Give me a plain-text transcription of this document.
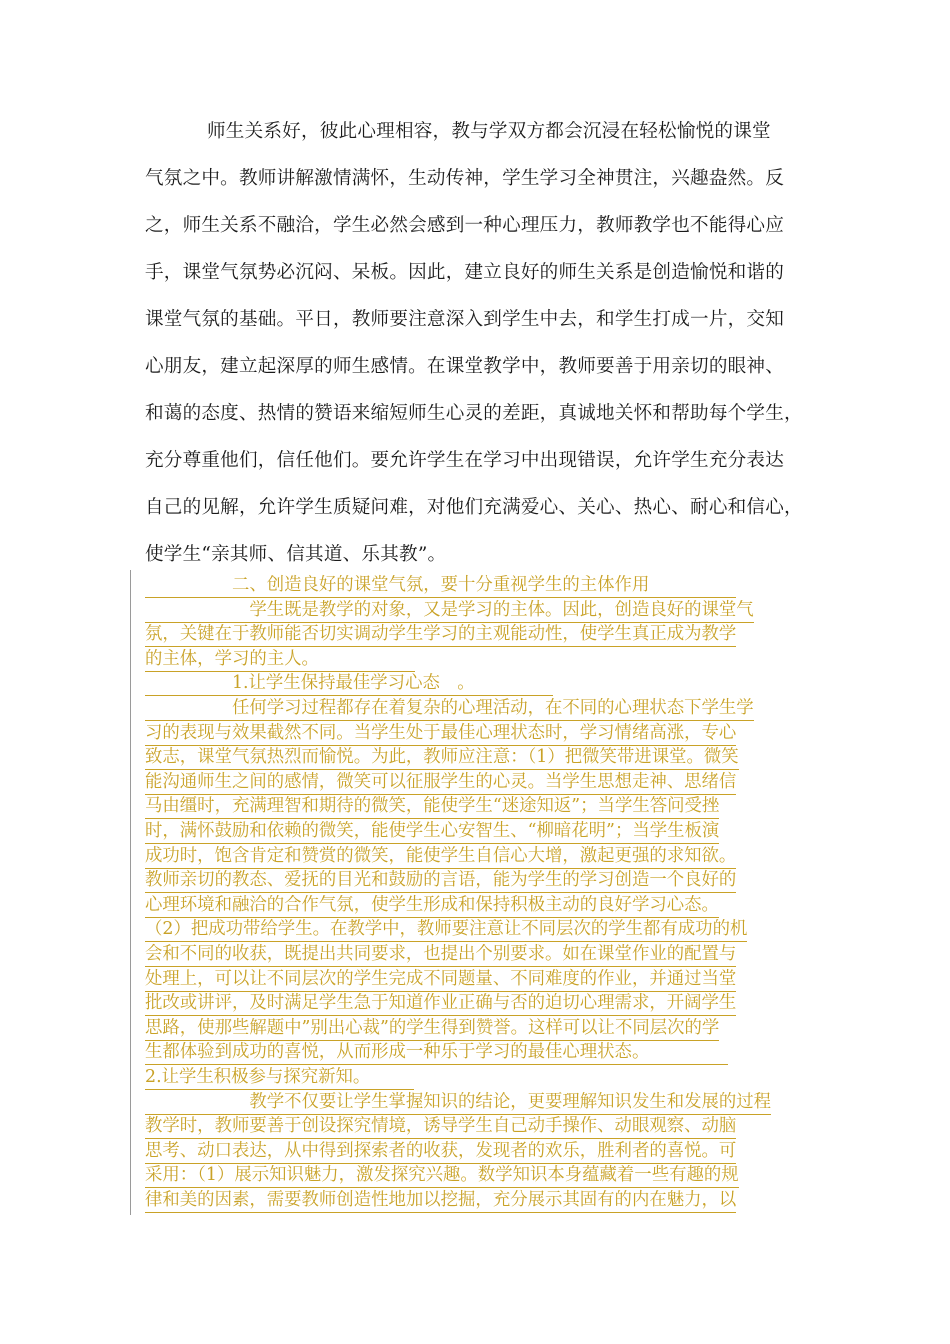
师生关系好，彼此心理相容，教与学双方都会沉浸在轻松愉悦的课堂
气氛之中。教师讲解激情满怀，生动传神，学生学习全神贯注，兴趣盎然。反
之，师生关系不融洽，学生必然会感到一种心理压力，教师教学也不能得心应
手，课堂气氛势必沉闷、呆板。因此，建立良好的师生关系是创造愉悦和谐的
课堂气氛的基础。平日，教师要注意深入到学生中去，和学生打成一片，交知
心朋友，建立起深厚的师生感情。在课堂教学中，教师要善于用亲切的眼神、
和蔼的态度、热情的赞语来缩短师生心灵的差距，真诚地关怀和帮助每个学生，
充分尊重他们，信任他们。要允许学生在学习中出现错误，允许学生充分表达
自己的见解，允许学生质疑问难，对他们充满爱心、关心、热心、耐心和信心，
使学生“亲其师、信其道、乐其教”。
　　　　　二、创造良好的课堂气氛，要十分重视学生的主体作用　　　　　
　　　　　　学生既是教学的对象，又是学习的主体。因此，创造良好的课堂气
氛，关键在于教师能否切实调动学生学习的主观能动性，使学生真正成为教学
的主体，学习的主人。　　　　　　
　　　　　1.让学生保持最佳学习心态　。　　　　　
　　　　　任何学习过程都存在着复杂的心理活动，在不同的心理状态下学生学
习的表现与效果截然不同。当学生处于最佳心理状态时，学习情绪高涨，专心
致志，课堂气氛热烈而愉悦。为此，教师应注意：（1）把微笑带进课堂。微笑
能沟通师生之间的感情，微笑可以征服学生的心灵。当学生思想走神、思绪信
马由缰时，充满理智和期待的微笑，能使学生“迷途知返”；当学生答问受挫
时，满怀鼓励和依赖的微笑，能使学生心安智生、“柳暗花明”；当学生板演
成功时，饱含肯定和赞赏的微笑，能使学生自信心大增，激起更强的求知欲。
教师亲切的教态、爱抚的目光和鼓励的言语，能为学生的学习创造一个良好的
心理环境和融洽的合作气氛，使学生形成和保持积极主动的良好学习心态。
（2）把成功带给学生。在教学中，教师要注意让不同层次的学生都有成功的机
会和不同的收获，既提出共同要求，也提出个别要求。如在课堂作业的配置与
处理上，可以让不同层次的学生完成不同题量、不同难度的作业，并通过当堂
批改或讲评，及时满足学生急于知道作业正确与否的迫切心理需求，开阔学生
思路，使那些解题中”别出心裁”的学生得到赞誉。这样可以让不同层次的学
生都体验到成功的喜悦，从而形成一种乐于学习的最佳心理状态。　　　　　
2.让学生积极参与探究新知。　　　
　　　　　　教学不仅要让学生掌握知识的结论，更要理解知识发生和发展的过程
教学时，教师要善于创设探究情境，诱导学生自己动手操作、动眼观察、动脑
思考、动口表达，从中得到探索者的收获，发现者的欢乐，胜利者的喜悦。可
采用：（1）展示知识魅力，激发探究兴趣。数学知识本身蕴藏着一些有趣的规
律和美的因素，需要教师创造性地加以挖掘，充分展示其固有的内在魅力，以
